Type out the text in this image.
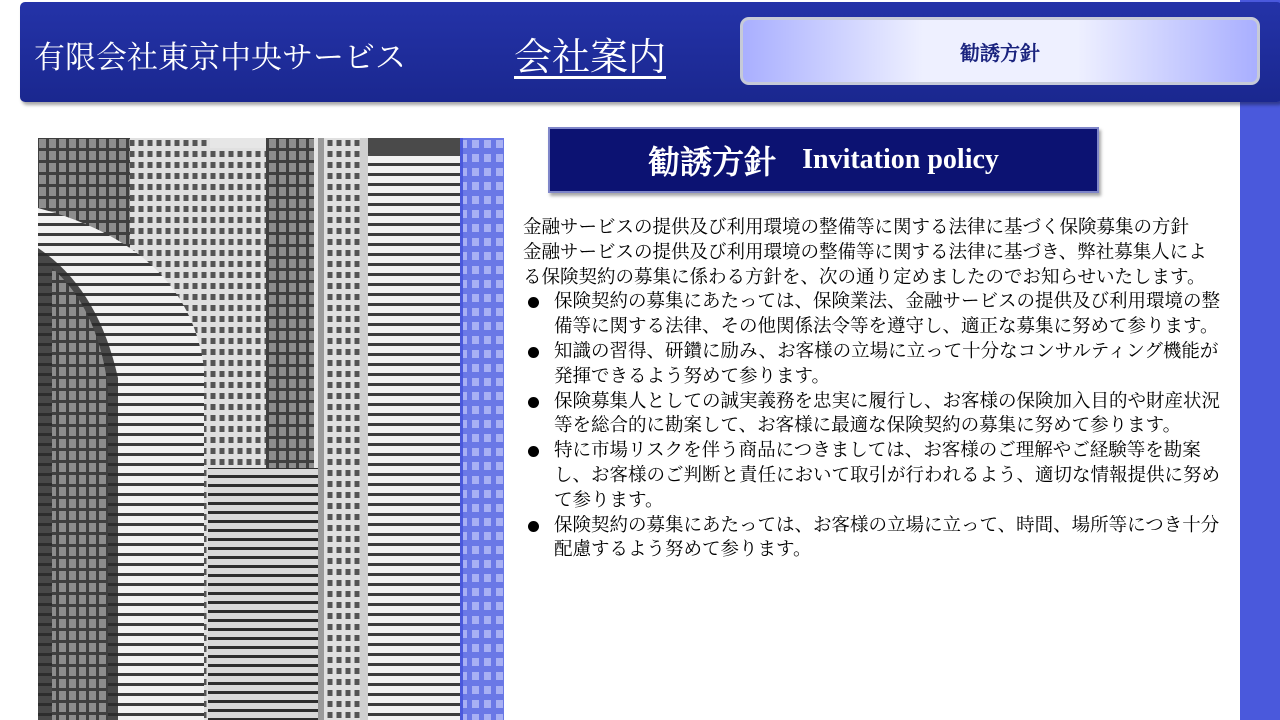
有限会社東京中央サービス	会社案内	勧誘方針
勧誘方針 Invitation policy

金融サービスの提供及び利用環境の整備等に関する法律に基づく保険募集の方針

金融サービスの提供及び利用環境の整備等に関する法律に基づき、弊社募集人による保険契約の募集に係わる方針を、次の通り定めましたのでお知らせいたします。

保険契約の募集にあたっては、保険業法、金融サービスの提供及び利用環境の整備等に関する法律、その他関係法令等を遵守し、適正な募集に努めて参ります。
知識の習得、研鑽に励み、お客様の立場に立って十分なコンサルティング機能が発揮できるよう努めて参ります。
保険募集人としての誠実義務を忠実に履行し、お客様の保険加入目的や財産状況等を総合的に勘案して、お客様に最適な保険契約の募集に努めて参ります。
特に市場リスクを伴う商品につきましては、お客様のご理解やご経験等を勘案し、お客様のご判断と責任において取引が行われるよう、適切な情報提供に努めて参ります。
保険契約の募集にあたっては、お客様の立場に立って、時間、場所等につき十分配慮するよう努めて参ります。
